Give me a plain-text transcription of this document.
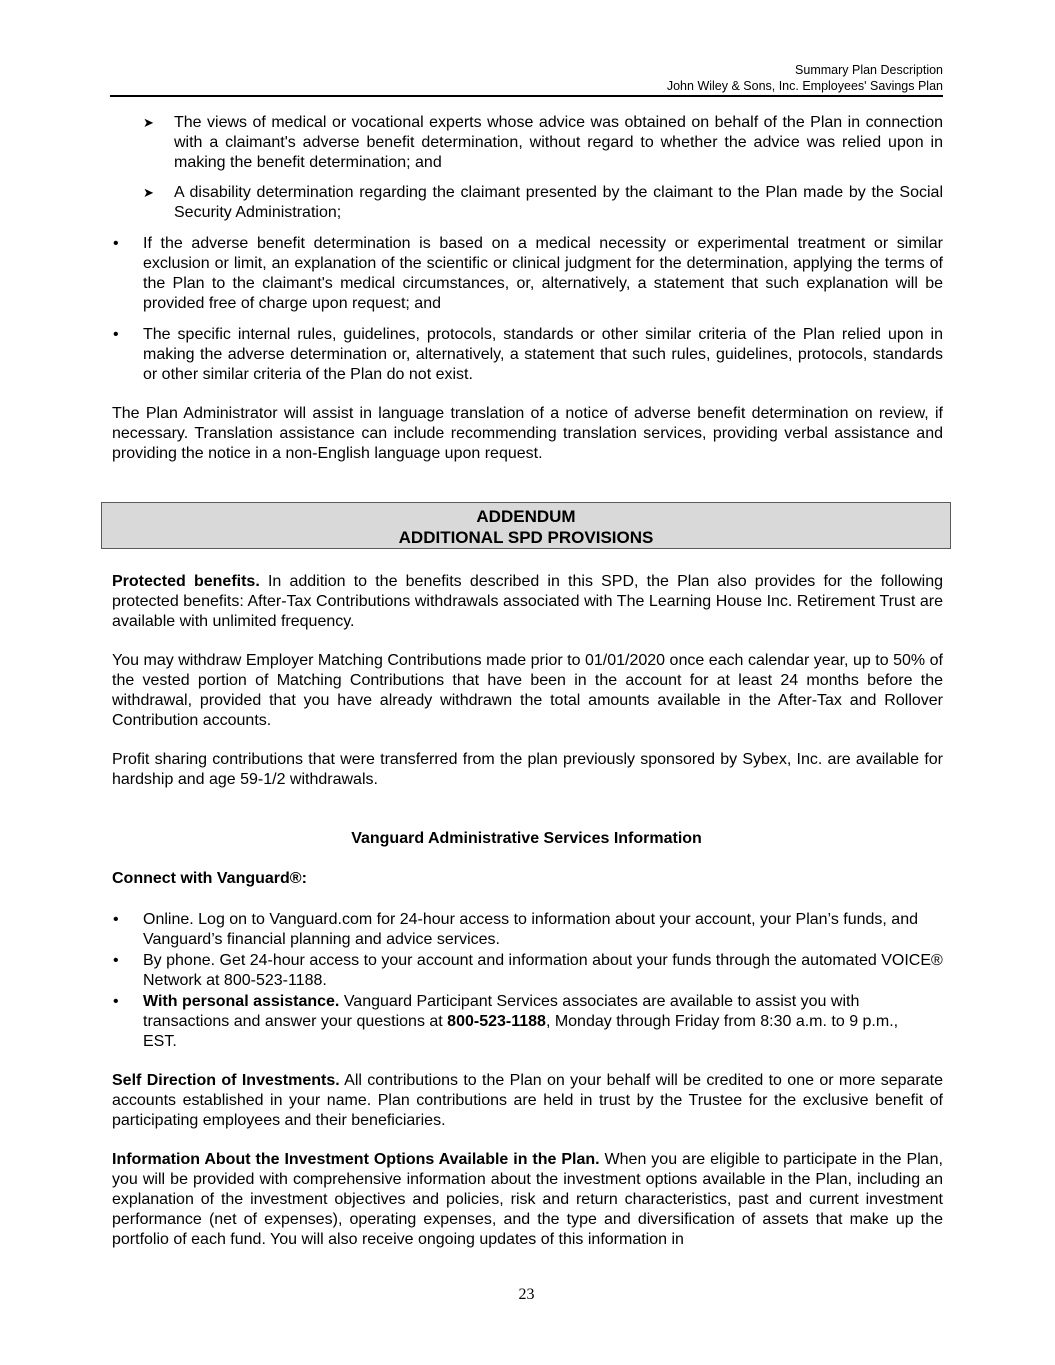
Summary Plan Description
John Wiley & Sons, Inc. Employees' Savings Plan
➤ The views of medical or vocational experts whose advice was obtained on behalf of the Plan in connection with a claimant's adverse benefit determination, without regard to whether the advice was relied upon in making the benefit determination; and
➤ A disability determination regarding the claimant presented by the claimant to the Plan made by the Social Security Administration;
• If the adverse benefit determination is based on a medical necessity or experimental treatment or similar exclusion or limit, an explanation of the scientific or clinical judgment for the determination, applying the terms of the Plan to the claimant's medical circumstances, or, alternatively, a statement that such explanation will be provided free of charge upon request; and
• The specific internal rules, guidelines, protocols, standards or other similar criteria of the Plan relied upon in making the adverse determination or, alternatively, a statement that such rules, guidelines, protocols, standards or other similar criteria of the Plan do not exist.
The Plan Administrator will assist in language translation of a notice of adverse benefit determination on review, if necessary. Translation assistance can include recommending translation services, providing verbal assistance and providing the notice in a non-English language upon request.
ADDENDUM
ADDITIONAL SPD PROVISIONS
Protected benefits. In addition to the benefits described in this SPD, the Plan also provides for the following protected benefits: After-Tax Contributions withdrawals associated with The Learning House Inc. Retirement Trust are available with unlimited frequency.
You may withdraw Employer Matching Contributions made prior to 01/01/2020 once each calendar year, up to 50% of the vested portion of Matching Contributions that have been in the account for at least 24 months before the withdrawal, provided that you have already withdrawn the total amounts available in the After-Tax and Rollover Contribution accounts.
Profit sharing contributions that were transferred from the plan previously sponsored by Sybex, Inc. are available for hardship and age 59-1/2 withdrawals.
Vanguard Administrative Services Information
Connect with Vanguard®:
• Online. Log on to Vanguard.com for 24-hour access to information about your account, your Plan’s funds, and Vanguard’s financial planning and advice services.
• By phone. Get 24-hour access to your account and information about your funds through the automated VOICE® Network at 800-523-1188.
• With personal assistance. Vanguard Participant Services associates are available to assist you with transactions and answer your questions at 800-523-1188, Monday through Friday from 8:30 a.m. to 9 p.m., EST.
Self Direction of Investments. All contributions to the Plan on your behalf will be credited to one or more separate accounts established in your name. Plan contributions are held in trust by the Trustee for the exclusive benefit of participating employees and their beneficiaries.
Information About the Investment Options Available in the Plan. When you are eligible to participate in the Plan, you will be provided with comprehensive information about the investment options available in the Plan, including an explanation of the investment objectives and policies, risk and return characteristics, past and current investment performance (net of expenses), operating expenses, and the type and diversification of assets that make up the portfolio of each fund. You will also receive ongoing updates of this information in
23
